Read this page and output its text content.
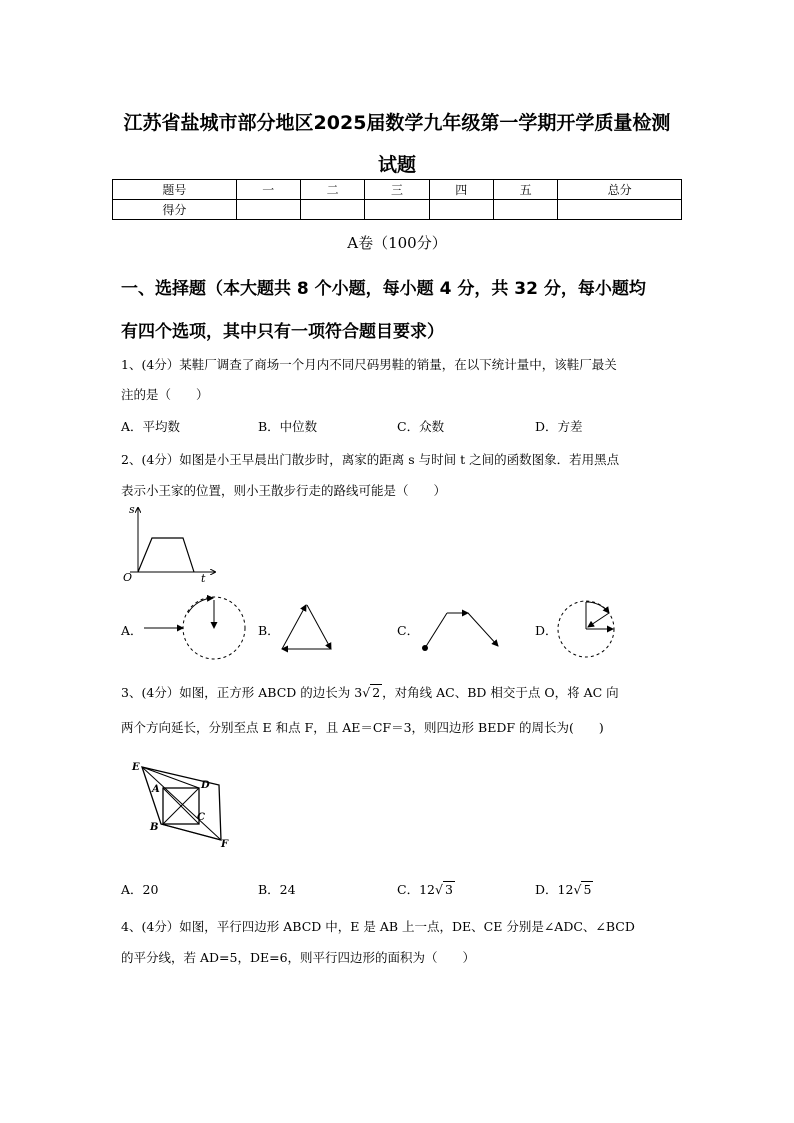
江苏省盐城市部分地区2025届数学九年级第一学期开学质量检测
试题
题号	一	二	三	四	五	总分
得分						
A卷（100分）
一、选择题（本大题共 8 个小题，每小题 4 分，共 32 分，每小题均
有四个选项，其中只有一项符合题目要求）
1、(4分）某鞋厂调查了商场一个月内不同尺码男鞋的销量，在以下统计量中，该鞋厂最关
注的是（　　）
A．平均数	B．中位数	C．众数	D．方差
2、(4分）如图是小王早晨出门散步时，离家的距离 s 与时间 t 之间的函数图象．若用黑点
表示小王家的位置，则小王散步行走的路线可能是（　　）
s
t
O
A．	B．	C．	D．
3、(4分）如图，正方形 ABCD 的边长为 3 √ 2 ，对角线 AC、BD 相交于点 O，将 AC 向
两个方向延长，分别至点 E 和点 F，且 AE＝CF＝3，则四边形 BEDF 的周长为(　　)
E
A	D
B
C
F
A．20	B．24	C．12 √ 3	D．12 √ 5
4、(4分）如图，平行四边形 ABCD 中，E 是 AB 上一点，DE、CE 分别是∠ADC、∠BCD
的平分线，若 AD=5，DE=6，则平行四边形的面积为（　　）
